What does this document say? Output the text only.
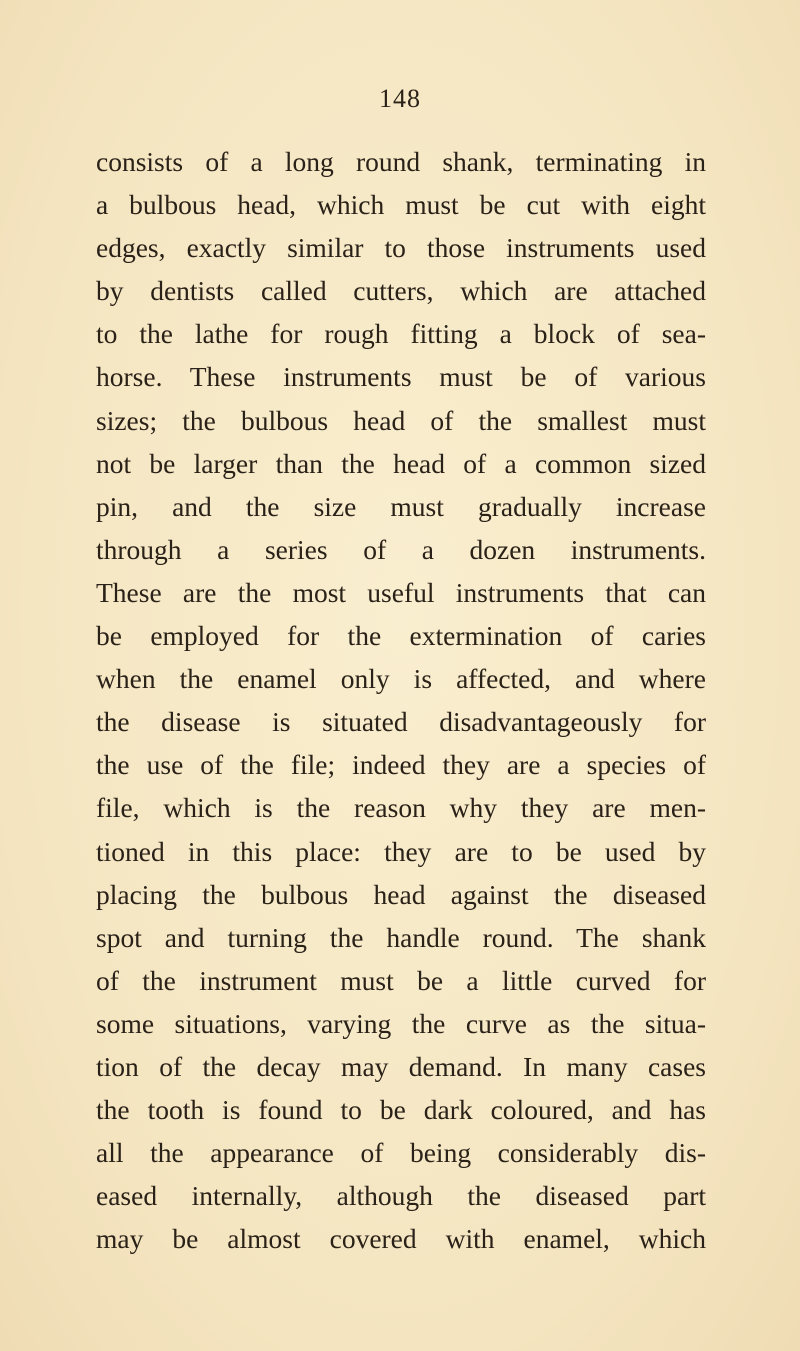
148
consists of a long round shank, terminating in
a bulbous head, which must be cut with eight
edges, exactly similar to those instruments used
by dentists called cutters, which are attached
to the lathe for rough fitting a block of sea-
horse. These instruments must be of various
sizes; the bulbous head of the smallest must
not be larger than the head of a common sized
pin, and the size must gradually increase
through a series of a dozen instruments.
These are the most useful instruments that can
be employed for the extermination of caries
when the enamel only is affected, and where
the disease is situated disadvantageously for
the use of the file; indeed they are a species of
file, which is the reason why they are men-
tioned in this place: they are to be used by
placing the bulbous head against the diseased
spot and turning the handle round. The shank
of the instrument must be a little curved for
some situations, varying the curve as the situa-
tion of the decay may demand. In many cases
the tooth is found to be dark coloured, and has
all the appearance of being considerably dis-
eased internally, although the diseased part
may be almost covered with enamel, which
